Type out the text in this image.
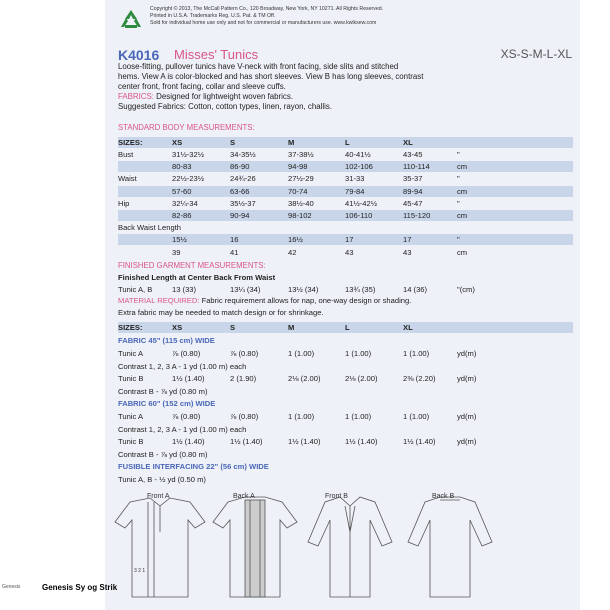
Copyright © 2013, The McCall Pattern Co., 120 Broadway, New York, NY 10271. All Rights Reserved.
Printed in U.S.A. Trademarks Reg. U.S. Pat. & TM Off.
Sold for individual home use only and not for commercial or manufacturers use. www.kwiksew.com
K4016 Misses' Tunics	XS-S-M-L-XL
Loose-fitting, pullover tunics have V-neck with front facing, side slits and stitched
hems. View A is color-blocked and has short sleeves. View B has long sleeves, contrast
center front, front facing, collar and sleeve cuffs.
FABRICS: Designed for lightweight woven fabrics.
Suggested Fabrics: Cotton, cotton types, linen, rayon, challis.
STANDARD BODY MEASUREMENTS:
FINISHED GARMENT MEASUREMENTS:
Finished Length at Center Back From Waist
MATERIAL REQUIRED: Fabric requirement allows for nap, one-way design or shading.
Extra fabric may be needed to match design or for shrinkage.
3 2 1
Front A	Back A	Front B	Back B
Genesis	Genesis Sy og Strik
SIZES:	XS	S	M	L	XL
Bust	31½-32½	34-35½	37-38½	40-41½	43-45	"
80-83	86-90	94-98	102-106	110-114	cm
Waist	22½-23½	24¾-26	27½-29	31-33	35-37	"
57-60	63-66	70-74	79-84	89-94	cm
Hip	32¼-34	35½-37	38½-40	41½-42½	45-47	"
82-86	90-94	98-102	106-110	115-120	cm
Back Waist Length
15½	16	16½	17	17	"
39	41	42	43	43	cm
Tunic A, B	13 (33)	13¼ (34)	13½ (34)	13¾ (35)	14 (36)	"(cm)
SIZES:	XS	S	M	L	XL
FABRIC 45" (115 cm) WIDE
Tunic A	⅞ (0.80)	⅞ (0.80)	1 (1.00)	1 (1.00)	1 (1.00)	yd(m)
Contrast 1, 2, 3 A - 1 yd (1.00 m) each
Tunic B	1½ (1.40)	2 (1.90)	2⅛ (2.00)	2⅛ (2.00)	2⅜ (2.20)	yd(m)
Contrast B - ⅞ yd (0.80 m)
FABRIC 60" (152 cm) WIDE
Tunic A	⅞ (0.80)	⅞ (0.80)	1 (1.00)	1 (1.00)	1 (1.00)	yd(m)
Contrast 1, 2, 3 A - 1 yd (1.00 m) each
Tunic B	1½ (1.40)	1½ (1.40)	1½ (1.40)	1½ (1.40)	1½ (1.40)	yd(m)
Contrast B - ⅞ yd (0.80 m)
FUSIBLE INTERFACING 22" (56 cm) WIDE
Tunic A, B - ½ yd (0.50 m)
